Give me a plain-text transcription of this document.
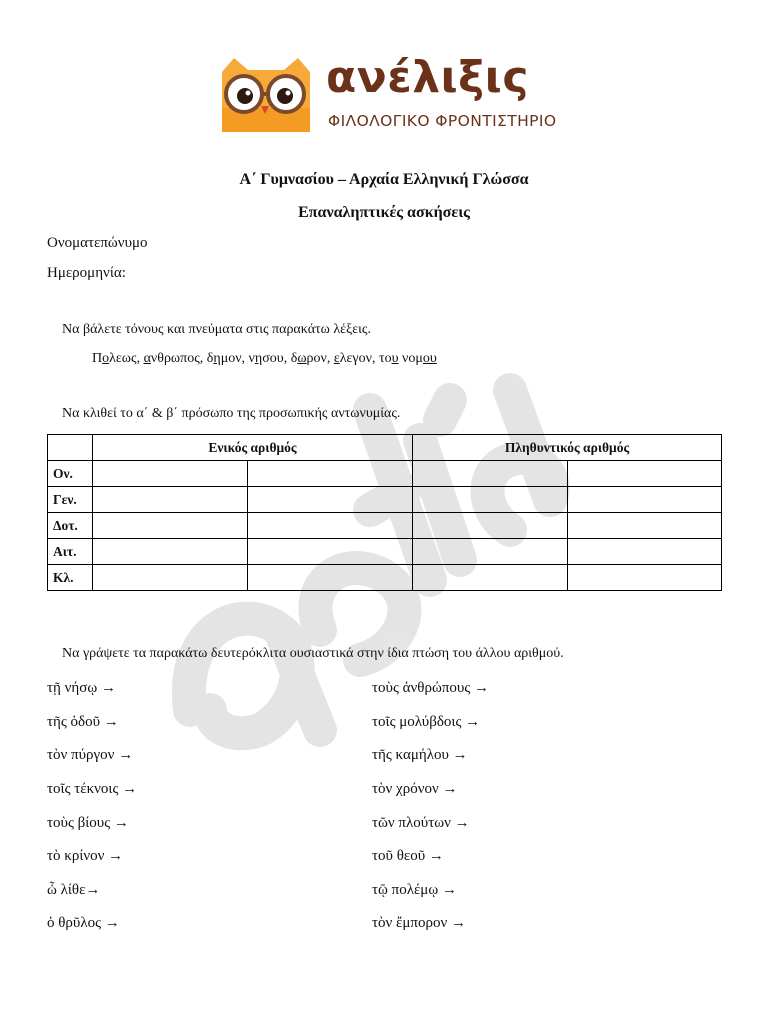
ανέλιξις
ΦΙΛΟΛΟΓΙΚΟ ΦΡΟΝΤΙΣΤΗΡΙΟ
Α΄ Γυμνασίου – Αρχαία Ελληνική Γλώσσα
Επαναληπτικές ασκήσεις
Ονοματεπώνυμο
Ημερομηνία:
Να βάλετε τόνους και πνεύματα στις παρακάτω λέξεις.
Πολεως, ανθρωπος, δημον, νησου, δωρον, ελεγον, του νομου
Να κλιθεί το α΄ & β΄ πρόσωπο της προσωπικής αντωνυμίας.
	Ενικός αριθμός		Πληθυντικός αριθμός	
Ον.				
Γεν.				
Δοτ.				
Αιτ.				
Κλ.				
Να γράψετε τα παρακάτω δευτερόκλιτα ουσιαστικά στην ίδια πτώση του άλλου αριθμού.
τῇ νήσῳ →
τῆς ὁδοῦ →
τὸν πύργον →
τοῖς τέκνοις →
τοὺς βίους →
τὸ κρίνον →
ὦ λίθε→
ὁ θρῦλος →
τοὺς ἀνθρώπους →
τοῖς μολύβδοις →
τῆς καμήλου →
τὸν χρόνον →
τῶν πλούτων →
τοῦ θεοῦ →
τῷ πολέμῳ →
τὸν ἔμπορον →
